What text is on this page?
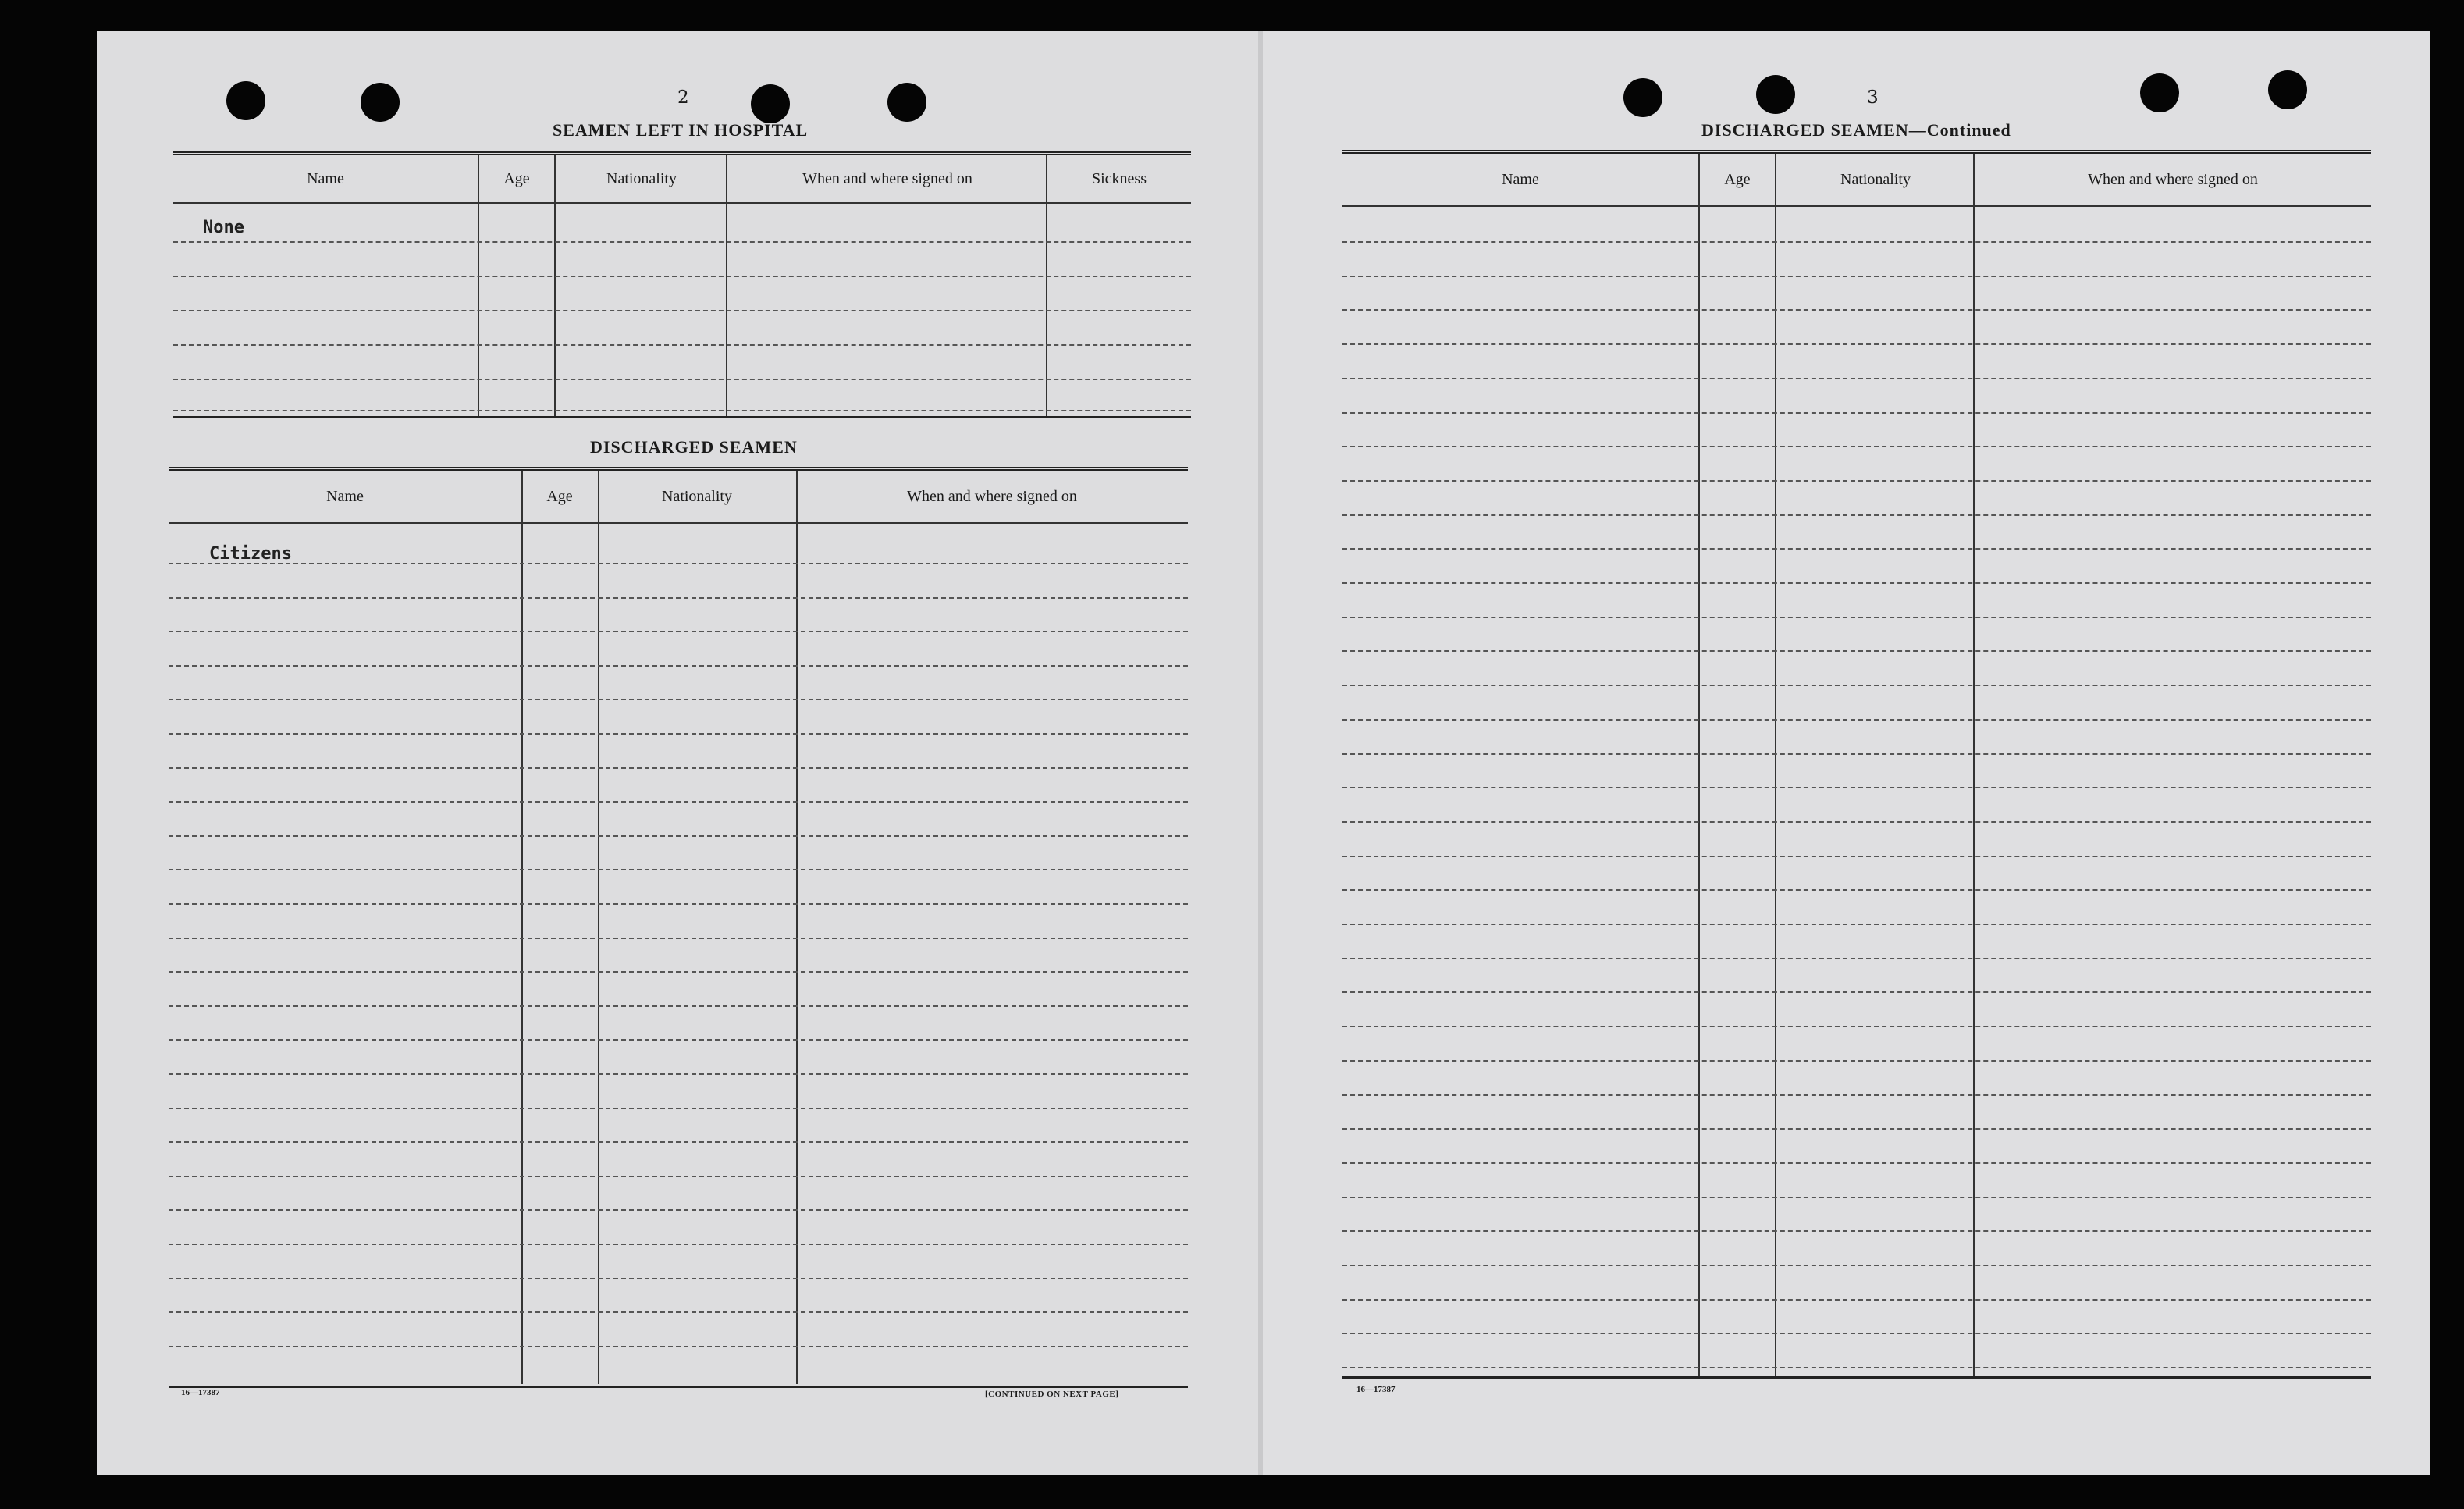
2
SEAMEN LEFT IN HOSPITAL
Name	Age	Nationality	When and where signed on	Sickness
None
DISCHARGED SEAMEN
Name	Age	Nationality	When and where signed on
Citizens
16—17387	[CONTINUED ON NEXT PAGE]
3
DISCHARGED SEAMEN—Continued
Name	Age	Nationality	When and where signed on
16—17387
